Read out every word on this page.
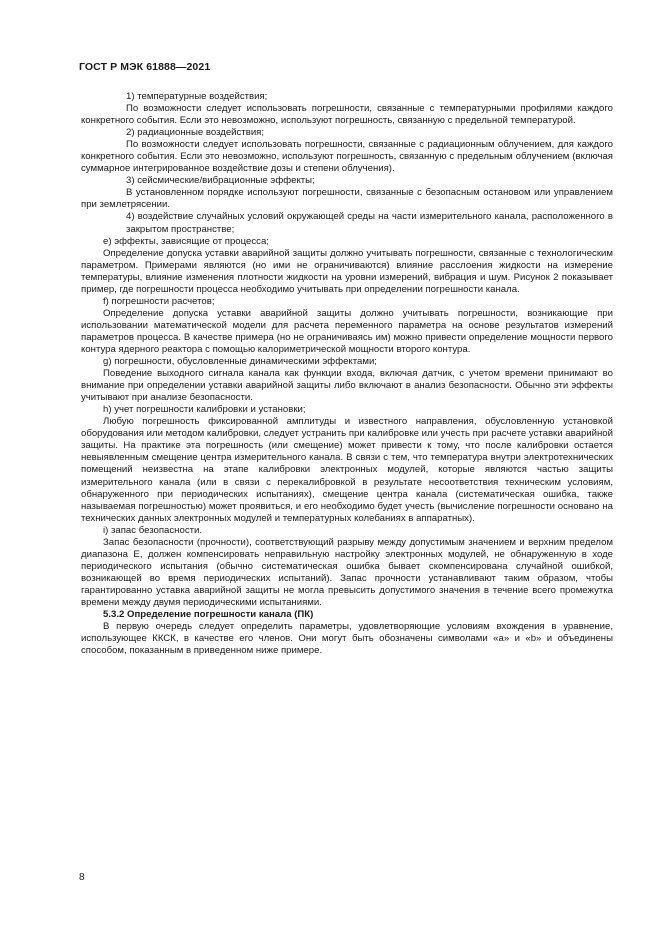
ГОСТ Р МЭК 61888—2021

1) температурные воздействия;

По возможности следует использовать погрешности, связанные с температурными профилями каждого конкретного события. Если это невозможно, используют погрешность, связанную с предельной температурой.

2) радиационные воздействия;

По возможности следует использовать погрешности, связанные с радиационным облучением, для каждого конкретного события. Если это невозможно, используют погрешность, связанную с предельным облучением (включая суммарное интегрированное воздействие дозы и степени облучения).

3) сейсмические/вибрационные эффекты;

В установленном порядке используют погрешности, связанные с безопасным остановом или управлением при землетрясении.

4) воздействие случайных условий окружающей среды на части измерительного канала, расположенного в закрытом пространстве;

e) эффекты, зависящие от процесса;

Определение допуска уставки аварийной защиты должно учитывать погрешности, связанные с технологическим параметром. Примерами являются (но ими не ограничиваются) влияние расслоения жидкости на измерение температуры, влияние изменения плотности жидкости на уровни измерений, вибрация и шум. Рисунок 2 показывает пример, где погрешности процесса необходимо учитывать при определении погрешности канала.

f) погрешности расчетов;

Определение допуска уставки аварийной защиты должно учитывать погрешности, возникающие при использовании математической модели для расчета переменного параметра на основе результатов измерений параметров процесса. В качестве примера (но не ограничиваясь им) можно привести определение мощности первого контура ядерного реактора с помощью калориметрической мощности второго контура.

g) погрешности, обусловленные динамическими эффектами;

Поведение выходного сигнала канала как функции входа, включая датчик, с учетом времени принимают во внимание при определении уставки аварийной защиты либо включают в анализ безопасности. Обычно эти эффекты учитывают при анализе безопасности.

h) учет погрешности калибровки и установки;

Любую погрешность фиксированной амплитуды и известного направления, обусловленную установкой оборудования или методом калибровки, следует устранить при калибровке или учесть при расчете уставки аварийной защиты. На практике эта погрешность (или смещение) может привести к тому, что после калибровки остается невыявленным смещение центра измерительного канала. В связи с тем, что температура внутри электротехнических помещений неизвестна на этапе калибровки электронных модулей, которые являются частью защиты измерительного канала (или в связи с перекалибровкой в результате несоответствия техническим условиям, обнаруженного при периодических испытаниях), смещение центра канала (систематическая ошибка, также называемая погрешностью) может проявиться, и его необходимо будет учесть (вычисление погрешности основано на технических данных электронных модулей и температурных колебаниях в аппаратных).

i) запас безопасности.

Запас безопасности (прочности), соответствующий разрыву между допустимым значением и верхним пределом диапазона E, должен компенсировать неправильную настройку электронных модулей, не обнаруженную в ходе периодического испытания (обычно систематическая ошибка бывает скомпенсирована случайной ошибкой, возникающей во время периодических испытаний). Запас прочности устанавливают таким образом, чтобы гарантированно уставка аварийной защиты не могла превысить допустимого значения в течение всего промежутка времени между двумя периодическими испытаниями.

5.3.2 Определение погрешности канала (ПК)

В первую очередь следует определить параметры, удовлетворяющие условиям вхождения в уравнение, использующее ККСК, в качестве его членов. Они могут быть обозначены символами «a» и «b» и объединены способом, показанным в приведенном ниже примере.

8
